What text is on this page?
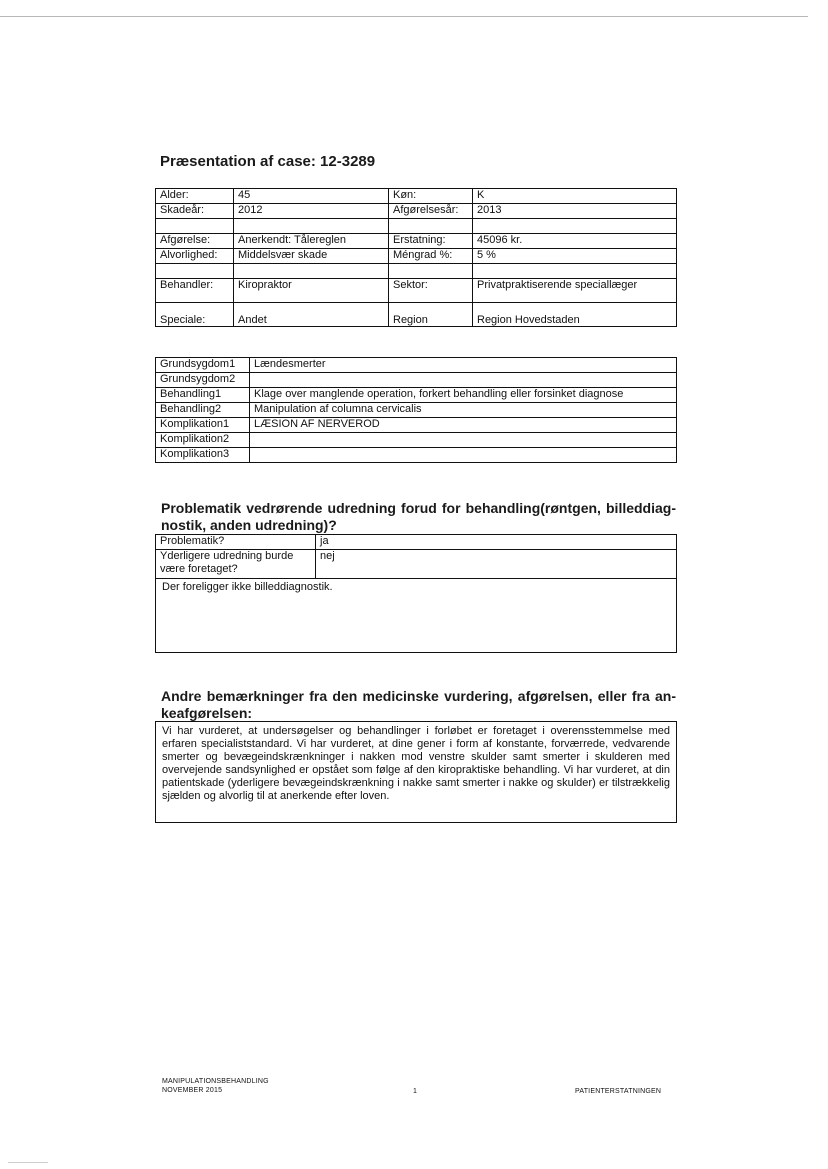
Præsentation af case: 12-3289
Alder:	45	Køn:	K
Skadeår:	2012	Afgørelsesår:	2013

Afgørelse:	Anerkendt: Tålereglen	Erstatning:	45096 kr.
Alvorlighed:	Middelsvær skade	Méngrad %:	5 %

Behandler:	Kiropraktor	Sektor:	Privatpraktiserende speciallæger
Speciale:	Andet	Region	Region Hovedstaden
Grundsygdom1	Lændesmerter
Grundsygdom2	
Behandling1	Klage over manglende operation, forkert behandling eller forsinket diagnose
Behandling2	Manipulation af columna cervicalis
Komplikation1	LÆSION AF NERVEROD
Komplikation2	
Komplikation3	
Problematik vedrørende udredning forud for behandling(røntgen, billeddiag-nostik, anden udredning)?
Problematik?	ja
Yderligere udredning burde være foretaget?	nej
Der foreligger ikke billeddiagnostik.
Andre bemærkninger fra den medicinske vurdering, afgørelsen, eller fra an-keafgørelsen:
Vi har vurderet, at undersøgelser og behandlinger i forløbet er foretaget i overensstemmelse med erfaren specialiststandard. Vi har vurderet, at dine gener i form af konstante, forværrede, vedvarende smerter og bevægeindskrænkninger i nakken mod venstre skulder samt smerter i skulderen med overvejende sandsynlighed er opstået som følge af den kiropraktiske behandling. Vi har vurderet, at din patientskade (yderligere bevægeindskrænkning i nakke samt smerter i nakke og skulder) er tilstrækkelig sjælden og alvorlig til at anerkende efter loven.
MANIPULATIONSBEHANDLING
NOVEMBER 2015	1	PATIENTERSTATNINGEN
